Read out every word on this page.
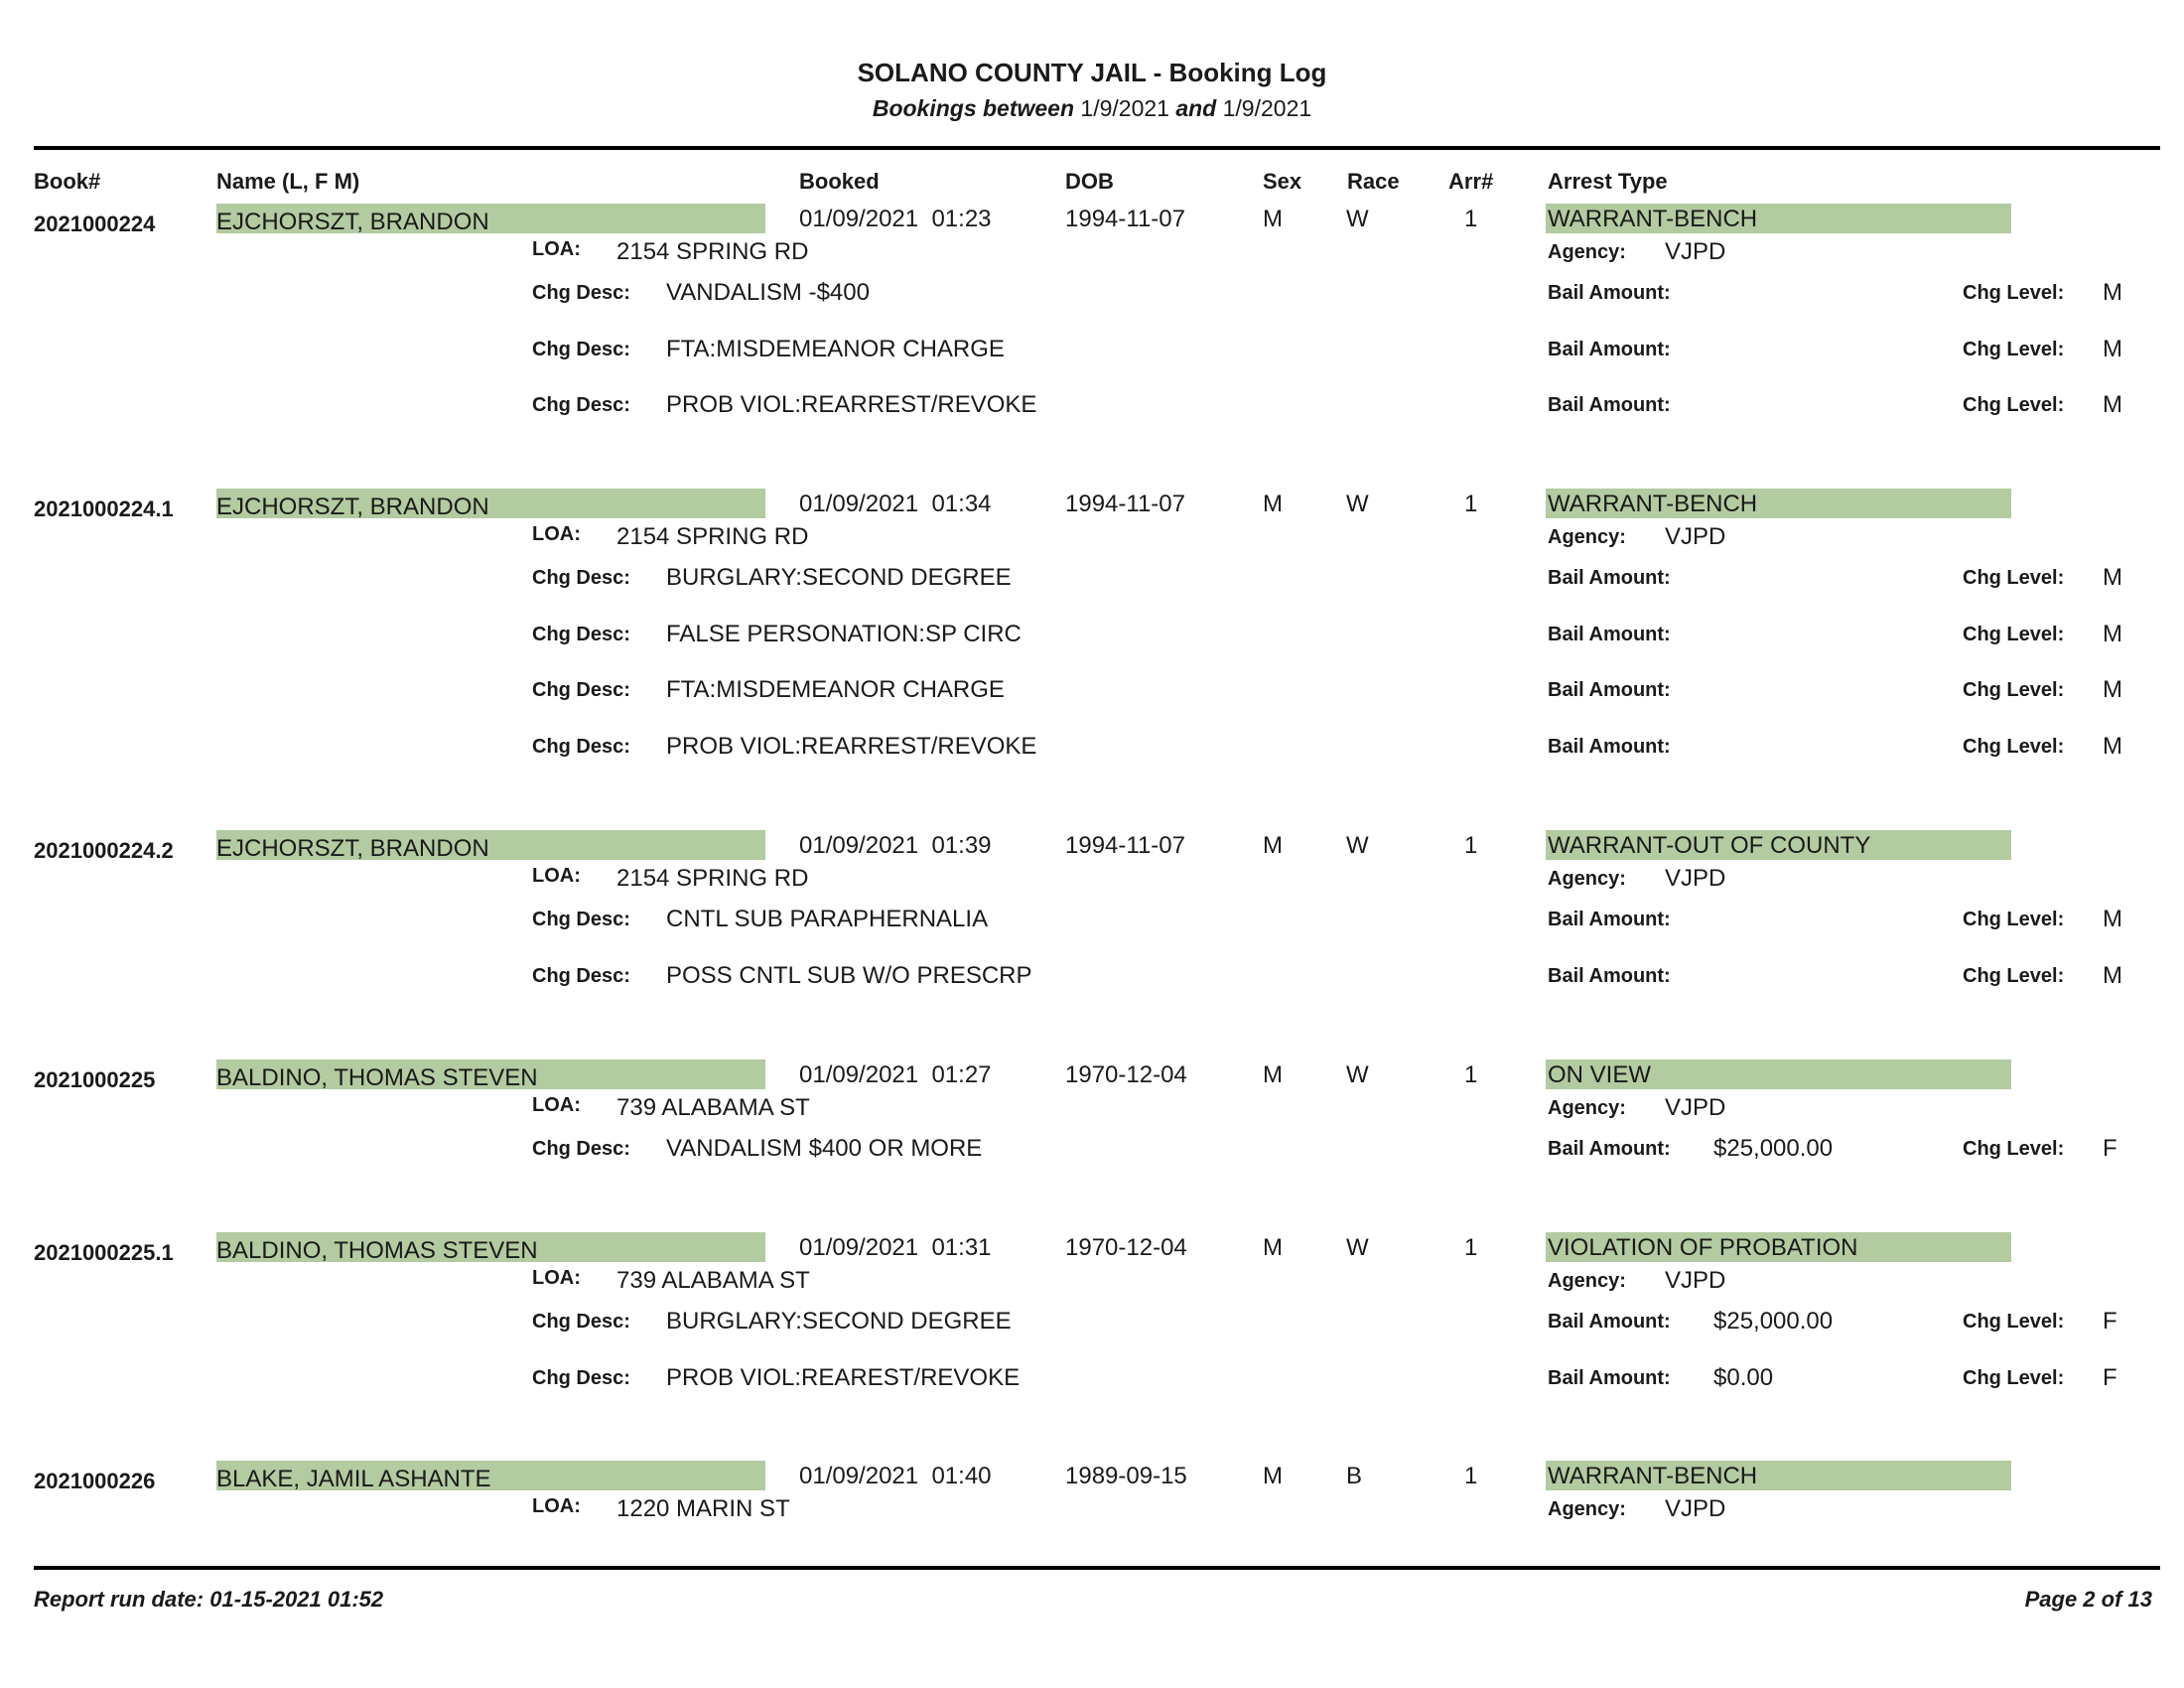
SOLANO COUNTY JAIL - Booking Log
Bookings between 1/9/2021 and 1/9/2021
Book#	Name (L, F M)	Booked	DOB	Sex Race Arr# Arrest Type
2021000224	EJCHORSZT, BRANDON	01/09/2021  01:23	1994-11-07	M	W	1	WARRANT-BENCH
LOA: 2154 SPRING RD	Agency: VJPD
Chg Desc: VANDALISM -$400	Bail Amount:	Chg Level: M
Chg Desc: FTA:MISDEMEANOR CHARGE	Bail Amount:	Chg Level: M
Chg Desc: PROB VIOL:REARREST/REVOKE	Bail Amount:	Chg Level: M
2021000224.1 EJCHORSZT, BRANDON	01/09/2021  01:34	1994-11-07	M	W	1	WARRANT-BENCH
LOA: 2154 SPRING RD	Agency: VJPD
Chg Desc: BURGLARY:SECOND DEGREE	Bail Amount:	Chg Level: M
Chg Desc: FALSE PERSONATION:SP CIRC	Bail Amount:	Chg Level: M
Chg Desc: FTA:MISDEMEANOR CHARGE	Bail Amount:	Chg Level: M
Chg Desc: PROB VIOL:REARREST/REVOKE	Bail Amount:	Chg Level: M
2021000224.2 EJCHORSZT, BRANDON	01/09/2021  01:39	1994-11-07	M	W	1	WARRANT-OUT OF COUNTY
LOA: 2154 SPRING RD	Agency: VJPD
Chg Desc: CNTL SUB PARAPHERNALIA	Bail Amount:	Chg Level: M
Chg Desc: POSS CNTL SUB W/O PRESCRP	Bail Amount:	Chg Level: M
2021000225	BALDINO, THOMAS STEVEN	01/09/2021  01:27	1970-12-04	M	W	1	ON VIEW
LOA: 739 ALABAMA ST	Agency: VJPD
Chg Desc: VANDALISM $400 OR MORE	Bail Amount: $25,000.00	Chg Level: F
2021000225.1 BALDINO, THOMAS STEVEN	01/09/2021  01:31	1970-12-04	M	W	1	VIOLATION OF PROBATION
LOA: 739 ALABAMA ST	Agency: VJPD
Chg Desc: BURGLARY:SECOND DEGREE	Bail Amount: $25,000.00	Chg Level: F
Chg Desc: PROB VIOL:REAREST/REVOKE	Bail Amount: $0.00	Chg Level: F
2021000226	BLAKE, JAMIL ASHANTE	01/09/2021  01:40	1989-09-15	M	B	1	WARRANT-BENCH
LOA: 1220 MARIN ST	Agency: VJPD
Report run date: 01-15-2021 01:52	Page 2 of 13
